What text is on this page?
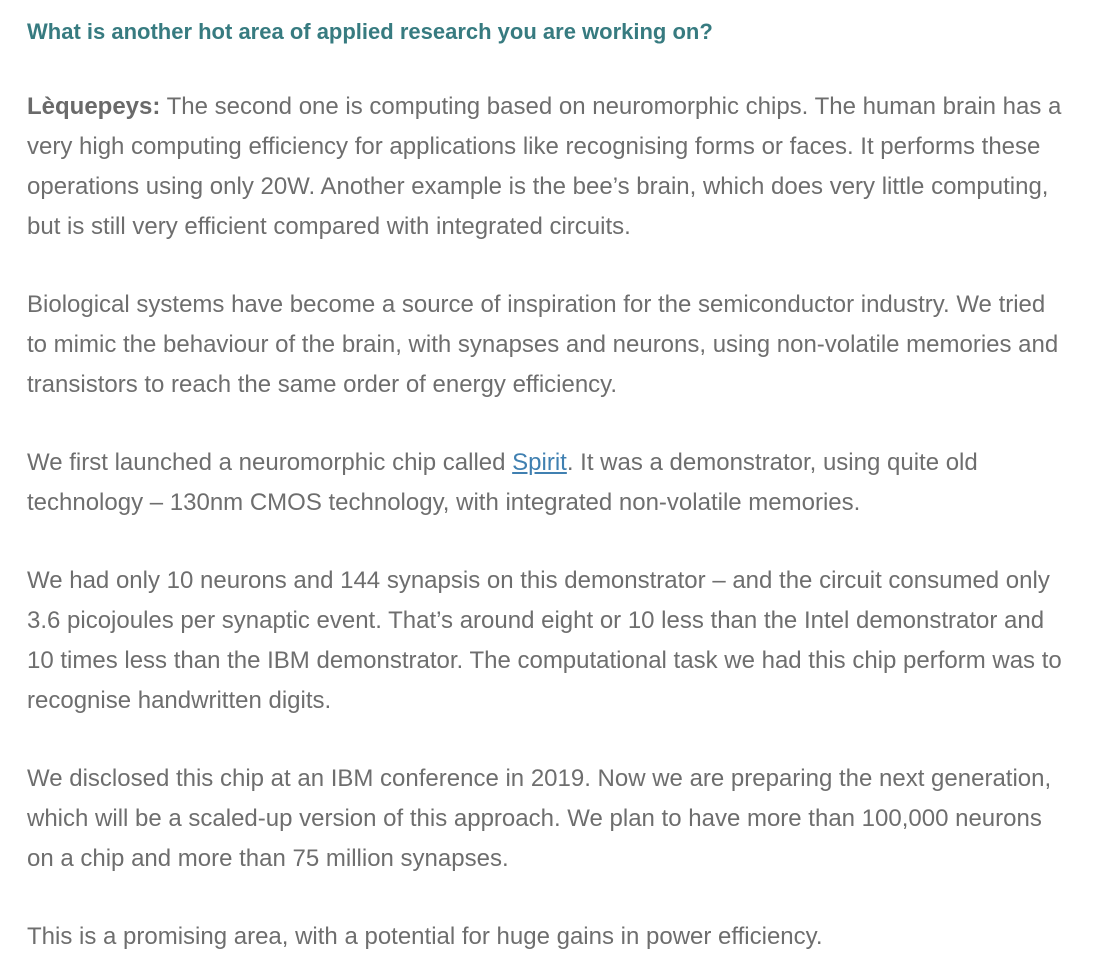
What is another hot area of applied research you are working on?

Lèquepeys: The second one is computing based on neuromorphic chips. The human brain has a very high computing efficiency for applications like recognising forms or faces. It performs these operations using only 20W. Another example is the bee’s brain, which does very little computing, but is still very efficient compared with integrated circuits.

Biological systems have become a source of inspiration for the semiconductor industry. We tried to mimic the behaviour of the brain, with synapses and neurons, using non-volatile memories and transistors to reach the same order of energy efficiency.

We first launched a neuromorphic chip called Spirit. It was a demonstrator, using quite old technology – 130nm CMOS technology, with integrated non-volatile memories.

We had only 10 neurons and 144 synapsis on this demonstrator – and the circuit consumed only 3.6 picojoules per synaptic event. That’s around eight or 10 less than the Intel demonstrator and 10 times less than the IBM demonstrator. The computational task we had this chip perform was to recognise handwritten digits.

We disclosed this chip at an IBM conference in 2019. Now we are preparing the next generation, which will be a scaled-up version of this approach. We plan to have more than 100,000 neurons on a chip and more than 75 million synapses.

This is a promising area, with a potential for huge gains in power efficiency.
